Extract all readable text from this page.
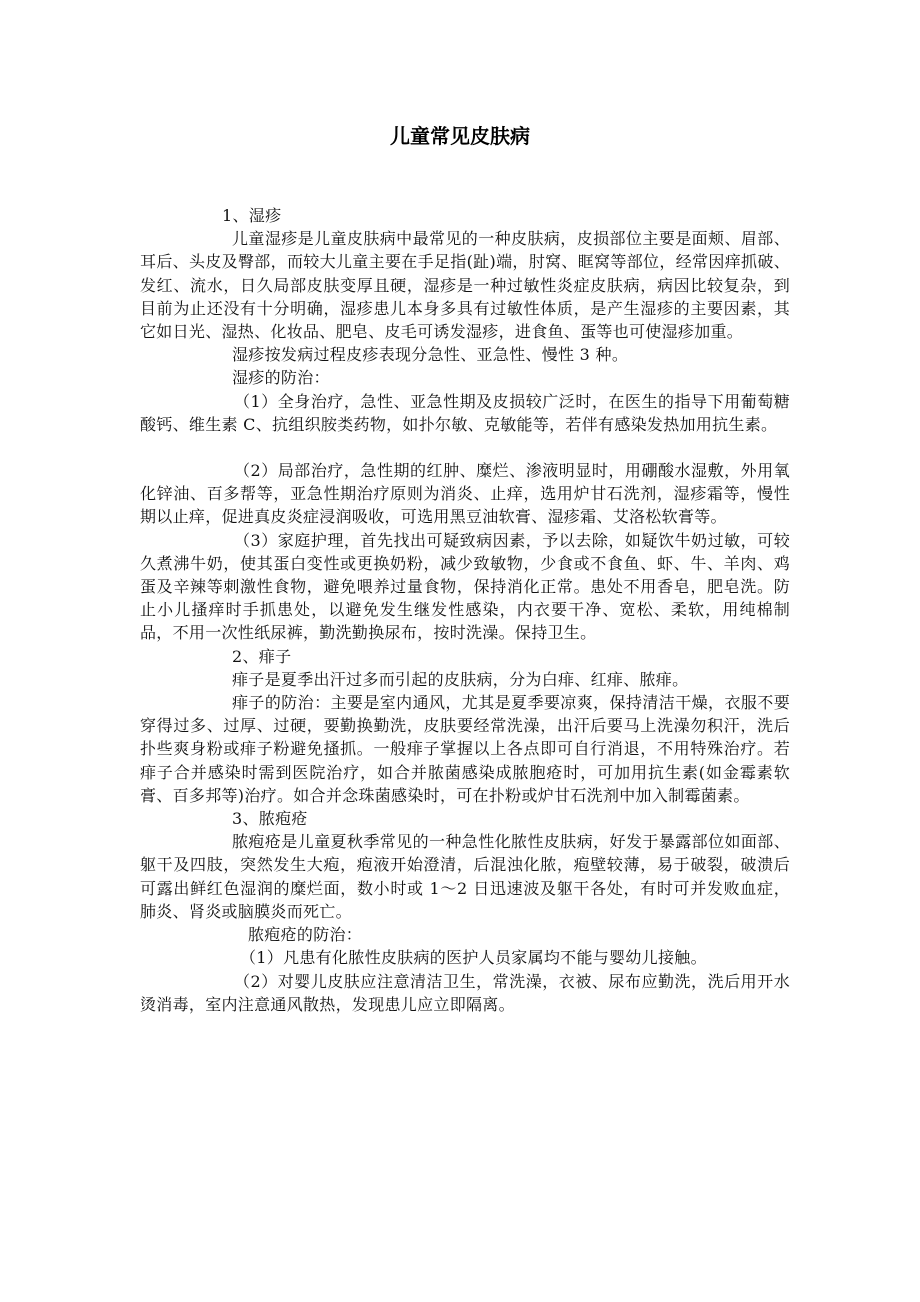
儿童常见皮肤病

1、湿疹

儿童湿疹是儿童皮肤病中最常见的一种皮肤病，皮损部位主要是面颊、眉部、耳后、头皮及臀部，而较大儿童主要在手足指(趾)端，肘窝、眶窝等部位，经常因痒抓破、发红、流水，日久局部皮肤变厚且硬，湿疹是一种过敏性炎症皮肤病，病因比较复杂，到目前为止还没有十分明确，湿疹患儿本身多具有过敏性体质，是产生湿疹的主要因素，其它如日光、湿热、化妆品、肥皂、皮毛可诱发湿疹，进食鱼、蛋等也可使湿疹加重。

湿疹按发病过程皮疹表现分急性、亚急性、慢性 3 种。

湿疹的防治：

（1）全身治疗，急性、亚急性期及皮损较广泛时，在医生的指导下用葡萄糖酸钙、维生素 C、抗组织胺类药物，如扑尔敏、克敏能等，若伴有感染发热加用抗生素。

（2）局部治疗，急性期的红肿、糜烂、渗液明显时，用硼酸水湿敷，外用氧化锌油、百多帮等，亚急性期治疗原则为消炎、止痒，选用炉甘石洗剂，湿疹霜等，慢性期以止痒，促进真皮炎症浸润吸收，可选用黑豆油软膏、湿疹霜、艾洛松软膏等。

（3）家庭护理，首先找出可疑致病因素，予以去除，如疑饮牛奶过敏，可较久煮沸牛奶，使其蛋白变性或更换奶粉，减少致敏物，少食或不食鱼、虾、牛、羊肉、鸡蛋及辛辣等刺激性食物，避免喂养过量食物，保持消化正常。患处不用香皂，肥皂洗。防止小儿搔痒时手抓患处，以避免发生继发性感染，内衣要干净、宽松、柔软，用纯棉制品，不用一次性纸尿裤，勤洗勤换尿布，按时洗澡。保持卫生。

2、痱子

痱子是夏季出汗过多而引起的皮肤病，分为白痱、红痱、脓痱。

痱子的防治：主要是室内通风，尤其是夏季要凉爽，保持清洁干燥，衣服不要穿得过多、过厚、过硬，要勤换勤洗，皮肤要经常洗澡，出汗后要马上洗澡勿积汗，洗后扑些爽身粉或痱子粉避免搔抓。一般痱子掌握以上各点即可自行消退，不用特殊治疗。若痱子合并感染时需到医院治疗，如合并脓菌感染成脓胞疮时，可加用抗生素(如金霉素软膏、百多邦等)治疗。如合并念珠菌感染时，可在扑粉或炉甘石洗剂中加入制霉菌素。

3、脓疱疮

脓疱疮是儿童夏秋季常见的一种急性化脓性皮肤病，好发于暴露部位如面部、躯干及四肢，突然发生大疱，疱液开始澄清，后混浊化脓，疱壁较薄，易于破裂，破溃后可露出鲜红色湿润的糜烂面，数小时或 1～2 日迅速波及躯干各处，有时可并发败血症，肺炎、肾炎或脑膜炎而死亡。

脓疱疮的防治：

（1）凡患有化脓性皮肤病的医护人员家属均不能与婴幼儿接触。

（2）对婴儿皮肤应注意清洁卫生，常洗澡，衣被、尿布应勤洗，洗后用开水烫消毒，室内注意通风散热，发现患儿应立即隔离。
